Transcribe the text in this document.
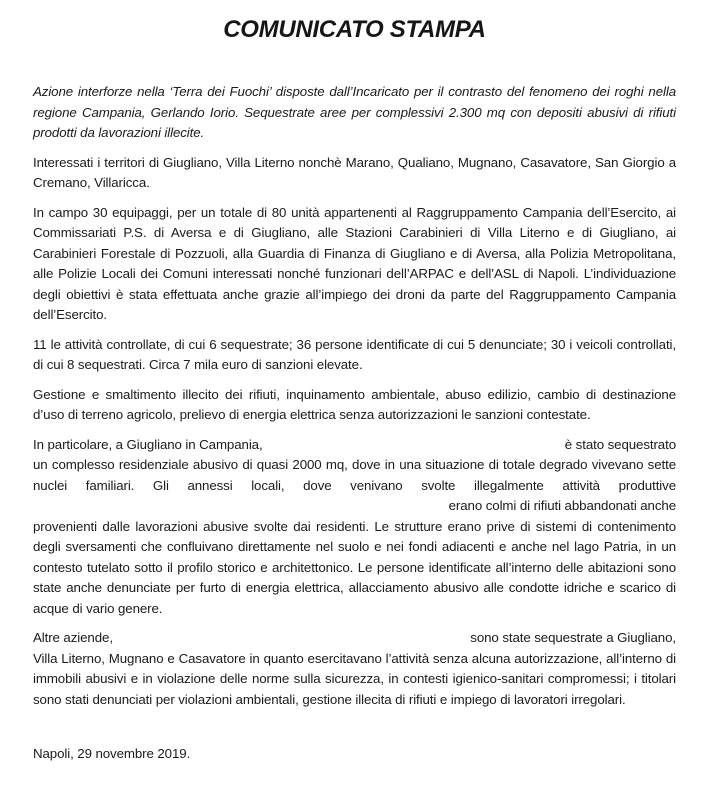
COMUNICATO STAMPA

Azione interforze nella ‘Terra dei Fuochi’ disposte dall’Incaricato per il contrasto del fenomeno dei roghi nella regione Campania, Gerlando Iorio. Sequestrate aree per complessivi 2.300 mq con depositi abusivi di rifiuti prodotti da lavorazioni illecite.

Interessati i territori di Giugliano, Villa Literno nonchè Marano, Qualiano, Mugnano, Casavatore, San Giorgio a Cremano, Villaricca.

In campo 30 equipaggi, per un totale di 80 unità appartenenti al Raggruppamento Campania dell’Esercito, ai Commissariati P.S. di Aversa e di Giugliano, alle Stazioni Carabinieri di Villa Literno e di Giugliano, ai Carabinieri Forestale di Pozzuoli, alla Guardia di Finanza di Giugliano e di Aversa, alla Polizia Metropolitana, alle Polizie Locali dei Comuni interessati nonché funzionari dell’ARPAC e dell’ASL di Napoli. L’individuazione degli obiettivi è stata effettuata anche grazie all’impiego dei droni da parte del Raggruppamento Campania dell’Esercito.

11 le attività controllate, di cui 6 sequestrate; 36 persone identificate di cui 5 denunciate; 30 i veicoli controllati, di cui 8 sequestrati. Circa 7 mila euro di sanzioni elevate.

Gestione e smaltimento illecito dei rifiuti, inquinamento ambientale, abuso edilizio, cambio di destinazione d’uso di terreno agricolo, prelievo di energia elettrica senza autorizzazioni le sanzioni contestate.

In particolare, a Giugliano in Campania,	è stato sequestrato
un complesso residenziale abusivo di quasi 2000 mq, dove in una situazione di totale degrado vivevano sette nuclei familiari. Gli annessi locali, dove venivano svolte illegalmente attività produttive
erano colmi di rifiuti abbandonati anche
provenienti dalle lavorazioni abusive svolte dai residenti. Le strutture erano prive di sistemi di contenimento degli sversamenti che confluivano direttamente nel suolo e nei fondi adiacenti e anche nel lago Patria, in un contesto tutelato sotto il profilo storico e architettonico. Le persone identificate all’interno delle abitazioni sono state anche denunciate per furto di energia elettrica, allacciamento abusivo alle condotte idriche e scarico di acque di vario genere.
Altre aziende,	sono state sequestrate a Giugliano,
Villa Literno, Mugnano e Casavatore in quanto esercitavano l’attività senza alcuna autorizzazione, all’interno di immobili abusivi e in violazione delle norme sulla sicurezza, in contesti igienico-sanitari compromessi; i titolari sono stati denunciati per violazioni ambientali, gestione illecita di rifiuti e impiego di lavoratori irregolari.

Napoli, 29 novembre 2019.
